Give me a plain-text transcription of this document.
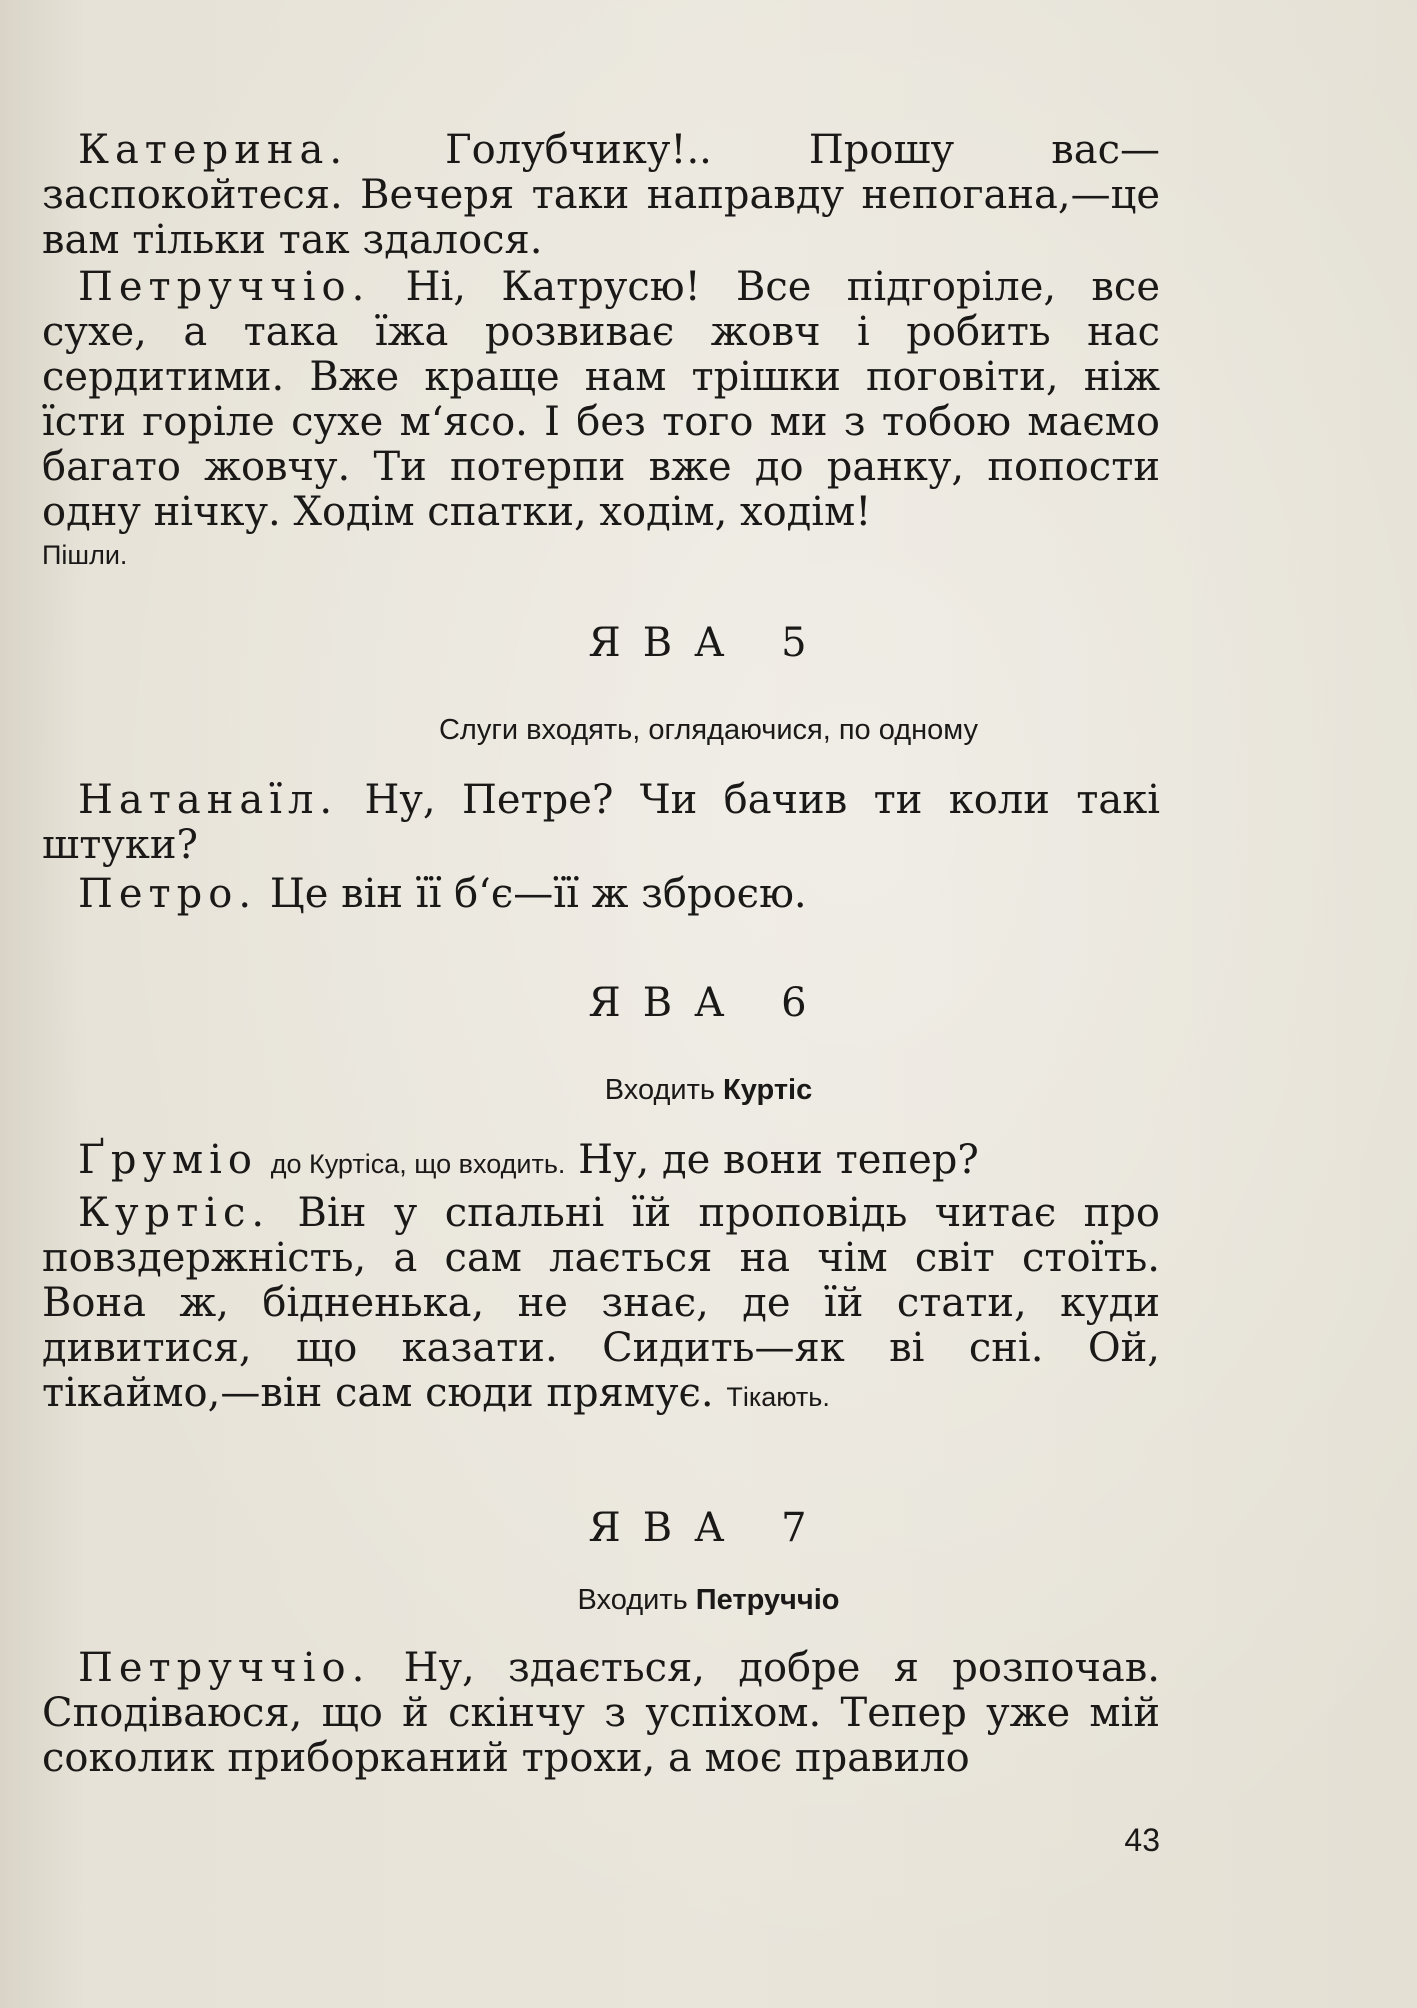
Катерина. Голубчику!.. Прошу вас—заспокойтеся. Вечеря таки направду непогана,—це вам тільки так здалося.

Петруччіо. Ні, Катрусю! Все підгоріле, все сухе, а така їжа розвиває жовч і робить нас сердитими. Вже краще нам трішки поговіти, ніж їсти горіле сухе м‘ясо. І без того ми з тобою маємо багато жовчу. Ти потерпи вже до ранку, попости одну нічку. Ходім спатки, ходім, ходім!

Пішли.

ЯВА 5
Слуги входять, оглядаючися, по одному

Натанаїл. Ну, Петре? Чи бачив ти коли такі штуки?

Петро. Це він її б‘є—її ж зброєю.

ЯВА 6
Входить Куртіс

Ґруміо до Куртіса, що входить. Ну, де вони тепер?

Куртіс. Він у спальні їй проповідь читає про повздержність, а сам лається на чім світ стоїть. Вона ж, бідненька, не знає, де їй стати, куди дивитися, що казати. Сидить—як ві сні. Ой, тікаймо,—він сам сюди прямує. Тікають.

ЯВА 7
Входить Петруччіо

Петруччіо. Ну, здається, добре я розпочав. Сподіваюся, що й скінчу з успіхом. Тепер уже мій соколик приборканий трохи, а моє правило

43
